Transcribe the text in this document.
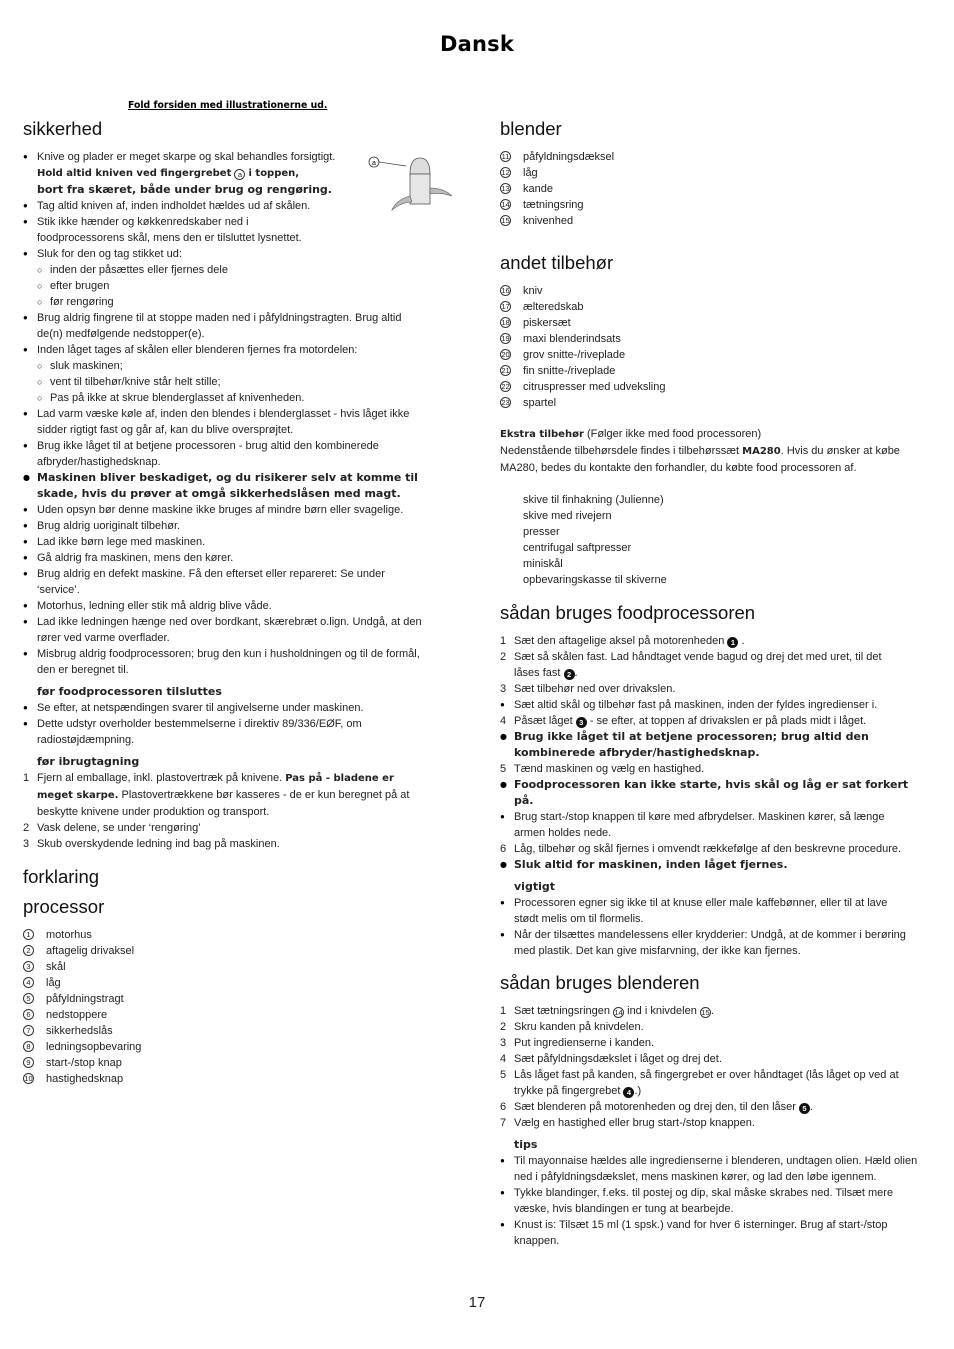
Dansk
Fold forsiden med illustrationerne ud.
a
sikkerhed
● Knive og plader er meget skarpe og skal behandles forsigtigt.
Hold altid kniven ved fingergrebet a i toppen,
bort fra skæret, både under brug og rengøring.
● Tag altid kniven af, inden indholdet hældes ud af skålen.
● Stik ikke hænder og køkkenredskaber ned i
foodprocessorens skål, mens den er tilsluttet lysnettet.
● Sluk for den og tag stikket ud:
○ inden der påsættes eller fjernes dele
○ efter brugen
○ før rengøring
● Brug aldrig fingrene til at stoppe maden ned i påfyldningstragten. Brug altid
de(n) medfølgende nedstopper(e).
● Inden låget tages af skålen eller blenderen fjernes fra motordelen:
○ sluk maskinen;
○ vent til tilbehør/knive står helt stille;
○ Pas på ikke at skrue blenderglasset af knivenheden.
● Lad varm væske køle af, inden den blendes i blenderglasset - hvis låget ikke
sidder rigtigt fast og går af, kan du blive oversprøjtet.
● Brug ikke låget til at betjene processoren - brug altid den kombinerede
afbryder/hastighedsknap.
● Maskinen bliver beskadiget, og du risikerer selv at komme til
skade, hvis du prøver at omgå sikkerhedslåsen med magt.
● Uden opsyn bør denne maskine ikke bruges af mindre børn eller svagelige.
● Brug aldrig uoriginalt tilbehør.
● Lad ikke børn lege med maskinen.
● Gå aldrig fra maskinen, mens den kører.
● Brug aldrig en defekt maskine. Få den efterset eller repareret: Se under
‘service’.
● Motorhus, ledning eller stik må aldrig blive våde.
● Lad ikke ledningen hænge ned over bordkant, skærebræt o.lign. Undgå, at den
rører ved varme overflader.
● Misbrug aldrig foodprocessoren; brug den kun i husholdningen og til de formål,
den er beregnet til.
før foodprocessoren tilsluttes
● Se efter, at netspændingen svarer til angivelserne under maskinen.
● Dette udstyr overholder bestemmelserne i direktiv 89/336/EØF, om
radiostøjdæmpning.
før ibrugtagning
1 Fjern al emballage, inkl. plastovertræk på knivene. Pas på - bladene er
meget skarpe. Plastovertrækkene bør kasseres - de er kun beregnet på at
beskytte knivene under produktion og transport.
2 Vask delene, se under ‘rengøring’
3 Skub overskydende ledning ind bag på maskinen.
forklaring
processor
1	motorhus
2	aftagelig drivaksel
3	skål
4	låg
5	påfyldningstragt
6	nedstoppere
7	sikkerhedslås
8	ledningsopbevaring
9	start-/stop knap
10 hastighedsknap
blender
11 påfyldningsdæksel
12 låg
13 kande
14 tætningsring
15 knivenhed
andet tilbehør
16 kniv
17 ælteredskab
18 piskersæt
19 maxi blenderindsats
20 grov snitte-/riveplade
21 fin snitte-/riveplade
22 citruspresser med udveksling
23 spartel
Ekstra tilbehør (Følger ikke med food processoren)
Nedenstående tilbehørsdele findes i tilbehørssæt MA280. Hvis du ønsker at købe
MA280, bedes du kontakte den forhandler, du købte food processoren af.
skive til finhakning (Julienne)
skive med rivejern
presser
centrifugal saftpresser
miniskål
opbevaringskasse til skiverne
sådan bruges foodprocessoren
1 Sæt den aftagelige aksel på motorenheden 1 .
2 Sæt så skålen fast. Lad håndtaget vende bagud og drej det med uret, til det
låses fast 2 .
3 Sæt tilbehør ned over drivakslen.
● Sæt altid skål og tilbehør fast på maskinen, inden der fyldes ingredienser i.
4 Påsæt låget 3 - se efter, at toppen af drivakslen er på plads midt i låget.
● Brug ikke låget til at betjene processoren; brug altid den
kombinerede afbryder/hastighedsknap.
5 Tænd maskinen og vælg en hastighed.
● Foodprocessoren kan ikke starte, hvis skål og låg er sat forkert
på.
● Brug start-/stop knappen til køre med afbrydelser. Maskinen kører, så længe
armen holdes nede.
6 Låg, tilbehør og skål fjernes i omvendt rækkefølge af den beskrevne procedure.
● Sluk altid for maskinen, inden låget fjernes.
vigtigt
● Processoren egner sig ikke til at knuse eller male kaffebønner, eller til at lave
stødt melis om til flormelis.
● Når der tilsættes mandelessens eller krydderier: Undgå, at de kommer i berøring
med plastik. Det kan give misfarvning, der ikke kan fjernes.
sådan bruges blenderen
1 Sæt tætningsringen 14 ind i knivdelen 15.
2 Skru kanden på knivdelen.
3 Put ingredienserne i kanden.
4 Sæt påfyldningsdækslet i låget og drej det.
5 Lås låget fast på kanden, så fingergrebet er over håndtaget (lås låget op ved at
trykke på fingergrebet 4 .)
6 Sæt blenderen på motorenheden og drej den, til den låser 5 .
7 Vælg en hastighed eller brug start-/stop knappen.
tips
● Til mayonnaise hældes alle ingredienserne i blenderen, undtagen olien. Hæld olien
ned i påfyldningsdækslet, mens maskinen kører, og lad den løbe igennem.
● Tykke blandinger, f.eks. til postej og dip, skal måske skrabes ned. Tilsæt mere
væske, hvis blandingen er tung at bearbejde.
● Knust is: Tilsæt 15 ml (1 spsk.) vand for hver 6 isterninger. Brug af start-/stop
knappen.
17
